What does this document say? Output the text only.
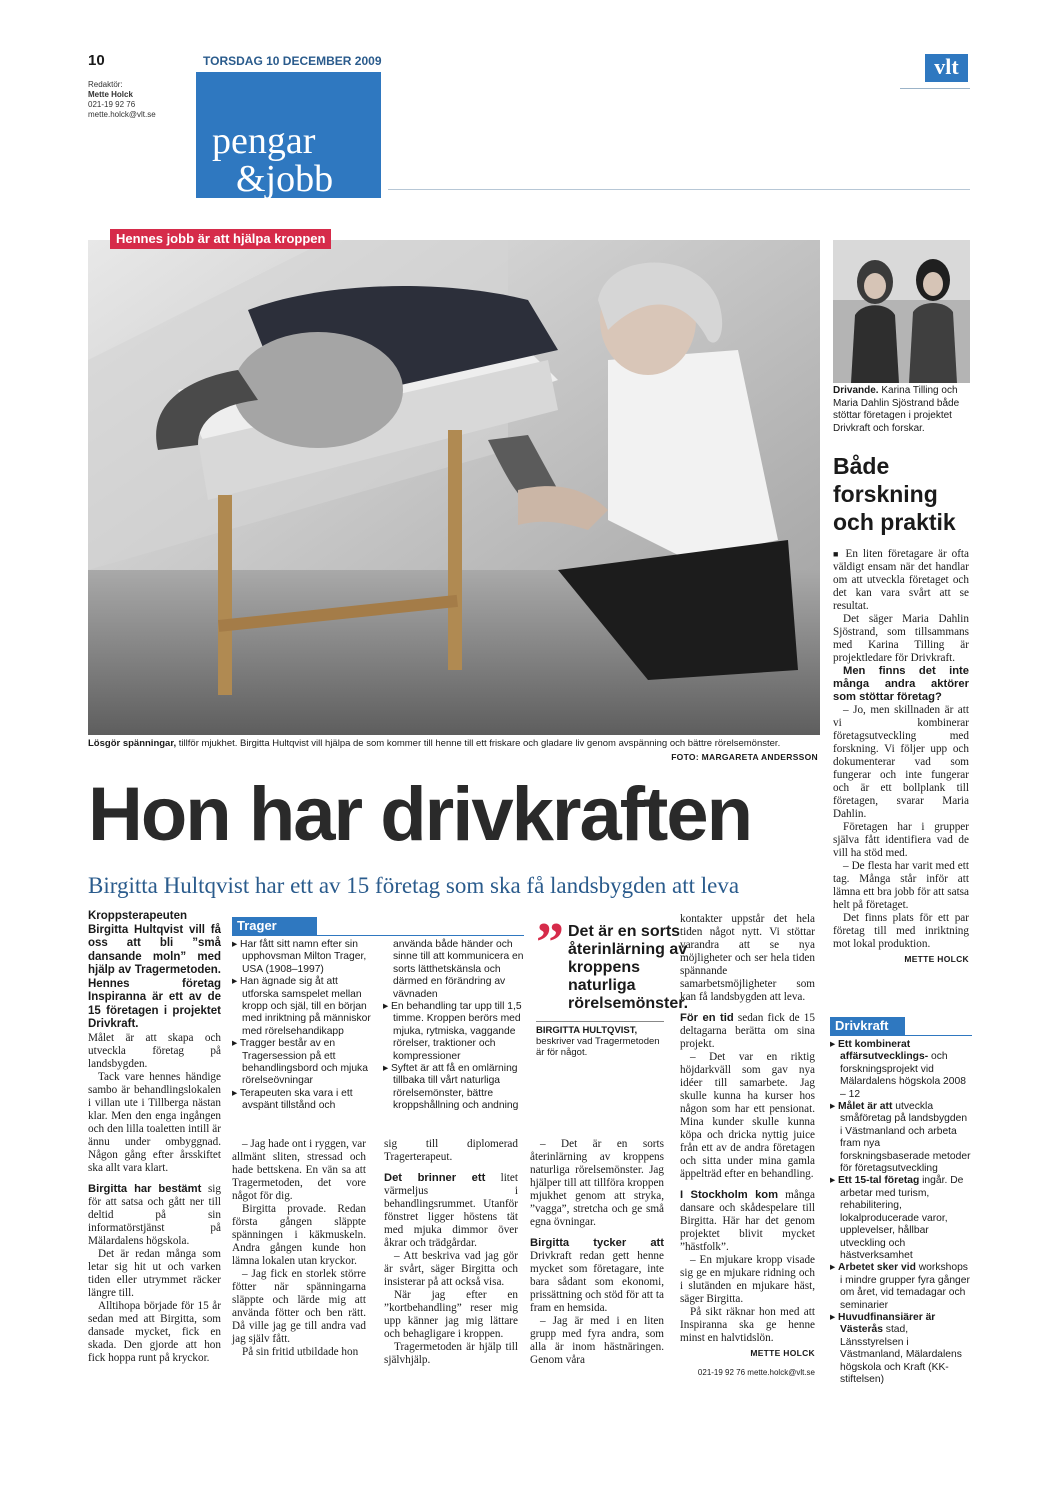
10
Redaktör:
Mette Holck
021-19 92 76
mette.holck@vlt.se
TORSDAG 10 DECEMBER 2009
pengar
&jobb
vlt
Hennes jobb är att hjälpa kroppen
Lösgör spänningar, tillför mjukhet. Birgitta Hultqvist vill hjälpa de som kommer till henne till ett friskare och gladare liv genom avspänning och bättre rörelsemönster.
FOTO: MARGARETA ANDERSSON
Hon har drivkraften
Birgitta Hultqvist har ett av 15 företag som ska få landsbygden att leva

Kroppsterapeuten Birgitta Hultqvist vill få oss att bli ”små dansande moln” med hjälp av Tragermetoden. Hennes företag Inspiranna är ett av de 15 företagen i projektet Drivkraft.

Målet är att skapa och utveckla företag på landsbygden.

Tack vare hennes händige sambo är behandlingslokalen i villan ute i Tillberga nästan klar. Men den enga ingången och den lilla toaletten intill är ännu under ombyggnad. Någon gång efter årsskiftet ska allt vara klart.

Birgitta har bestämt sig för att satsa och gått ner till deltid på sin informatörstjänst på Mälardalens högskola.

Det är redan många som letar sig hit ut och varken tiden eller utrymmet räcker längre till.

Alltihopa började för 15 år sedan med att Birgitta, som dansade mycket, fick en skada. Den gjorde att hon fick hoppa runt på kryckor.

Trager
▸ Har fått sitt namn efter sin upphovsman Milton Trager, USA (1908–1997)
▸ Han ägnade sig åt att utforska samspelet mellan kropp och själ, till en början med inriktning på människor med rörelsehandikapp
▸ Tragger består av en Tragersession på ett behandlingsbord och mjuka rörelseövningar
▸ Terapeuten ska vara i ett avspänt tillstånd och använda både händer och sinne till att kommunicera en sorts lätthetskänsla och därmed en förändring av vävnaden
▸ En behandling tar upp till 1,5 timme. Kroppen berörs med mjuka, rytmiska, vaggande rörelser, traktioner och kompressioner
▸ Syftet är att få en omlärning tillbaka till vårt naturliga rörelsemönster, bättre kroppshållning och andning
” Det är en sorts återinlärning av kroppens naturliga rörelsemönster.
BIRGITTA HULTQVIST,
beskriver vad Tragermetoden är för något.

– Jag hade ont i ryggen, var allmänt sliten, stressad och hade bettskena. En vän sa att Tragermetoden, det vore något för dig.

Birgitta provade. Redan första gången släppte spänningen i käkmuskeln. Andra gången kunde hon lämna lokalen utan kryckor.

– Jag fick en storlek större fötter när spänningarna släppte och lärde mig att använda fötter och ben rätt. Då ville jag ge till andra vad jag själv fått.

På sin fritid utbildade hon

sig till diplomerad Tragerterapeut.

Det brinner ett litet värmeljus i behandlingsrummet. Utanför fönstret ligger höstens tät med mjuka dimmor över åkrar och trädgårdar.

– Att beskriva vad jag gör är svårt, säger Birgitta och insisterar på att också visa.

När jag efter en ”kortbehandling” reser mig upp känner jag mig lättare och behagligare i kroppen.

Tragermetoden är hjälp till självhjälp.

– Det är en sorts återinlärning av kroppens naturliga rörelsemönster. Jag hjälper till att tillföra kroppen mjukhet genom att stryka, ”vagga”, stretcha och ge små egna övningar.

Birgitta tycker att Drivkraft redan gett henne mycket som företagare, inte bara sådant som ekonomi, prissättning och stöd för att ta fram en hemsida.

– Jag är med i en liten grupp med fyra andra, som alla är inom hästnäringen. Genom våra

kontakter uppstår det hela tiden något nytt. Vi stöttar varandra att se nya möjligheter och ser hela tiden spännande samarbetsmöjligheter som kan få landsbygden att leva.

För en tid sedan fick de 15 deltagarna berätta om sina projekt.

– Det var en riktig höjdarkväll som gav nya idéer till samarbete. Jag skulle kunna ha kurser hos någon som har ett pensionat. Mina kunder skulle kunna köpa och dricka nyttig juice från ett av de andra företagen och sitta under mina gamla äppelträd efter en behandling.

I Stockholm kom många dansare och skådespelare till Birgitta. Här har det genom projektet blivit mycket ”hästfolk”.

– En mjukare kropp visade sig ge en mjukare ridning och i slutänden en mjukare häst, säger Birgitta.

På sikt räknar hon med att Inspiranna ska ge henne minst en halvtidslön.

METTE HOLCK
021-19 92 76 mette.holck@vlt.se
Drivande. Karina Tilling och Maria Dahlin Sjöstrand både stöttar företagen i projektet Drivkraft och forskar.
Både
forskning
och praktik

■ En liten företagare är ofta väldigt ensam när det handlar om att utveckla företaget och det kan vara svårt att se resultat.

Det säger Maria Dahlin Sjöstrand, som tillsammans med Karina Tilling är projektledare för Drivkraft.

Men finns det inte många andra aktörer som stöttar företag?

– Jo, men skillnaden är att vi kombinerar företagsutveckling med forskning. Vi följer upp och dokumenterar vad som fungerar och inte fungerar och är ett bollplank till företagen, svarar Maria Dahlin.

Företagen har i grupper själva fått identifiera vad de vill ha stöd med.

– De flesta har varit med ett tag. Många står inför att lämna ett bra jobb för att satsa helt på företaget.

Det finns plats för ett par företag till med inriktning mot lokal produktion.

METTE HOLCK
Drivkraft
▸ Ett kombinerat affärsutvecklings- och forskningsprojekt vid Mälardalens högskola 2008 – 12
▸ Målet är att utveckla småföretag på landsbygden i Västmanland och arbeta fram nya forskningsbaserade metoder för företagsutveckling
▸ Ett 15-tal företag ingår. De arbetar med turism, rehabilitering, lokalproducerade varor, upplevelser, hållbar utveckling och hästverksamhet
▸ Arbetet sker vid workshops i mindre grupper fyra gånger om året, vid temadagar och seminarier
▸ Huvudfinansiärer är Västerås stad, Länsstyrelsen i Västmanland, Mälardalens högskola och Kraft (KK-stiftelsen)
